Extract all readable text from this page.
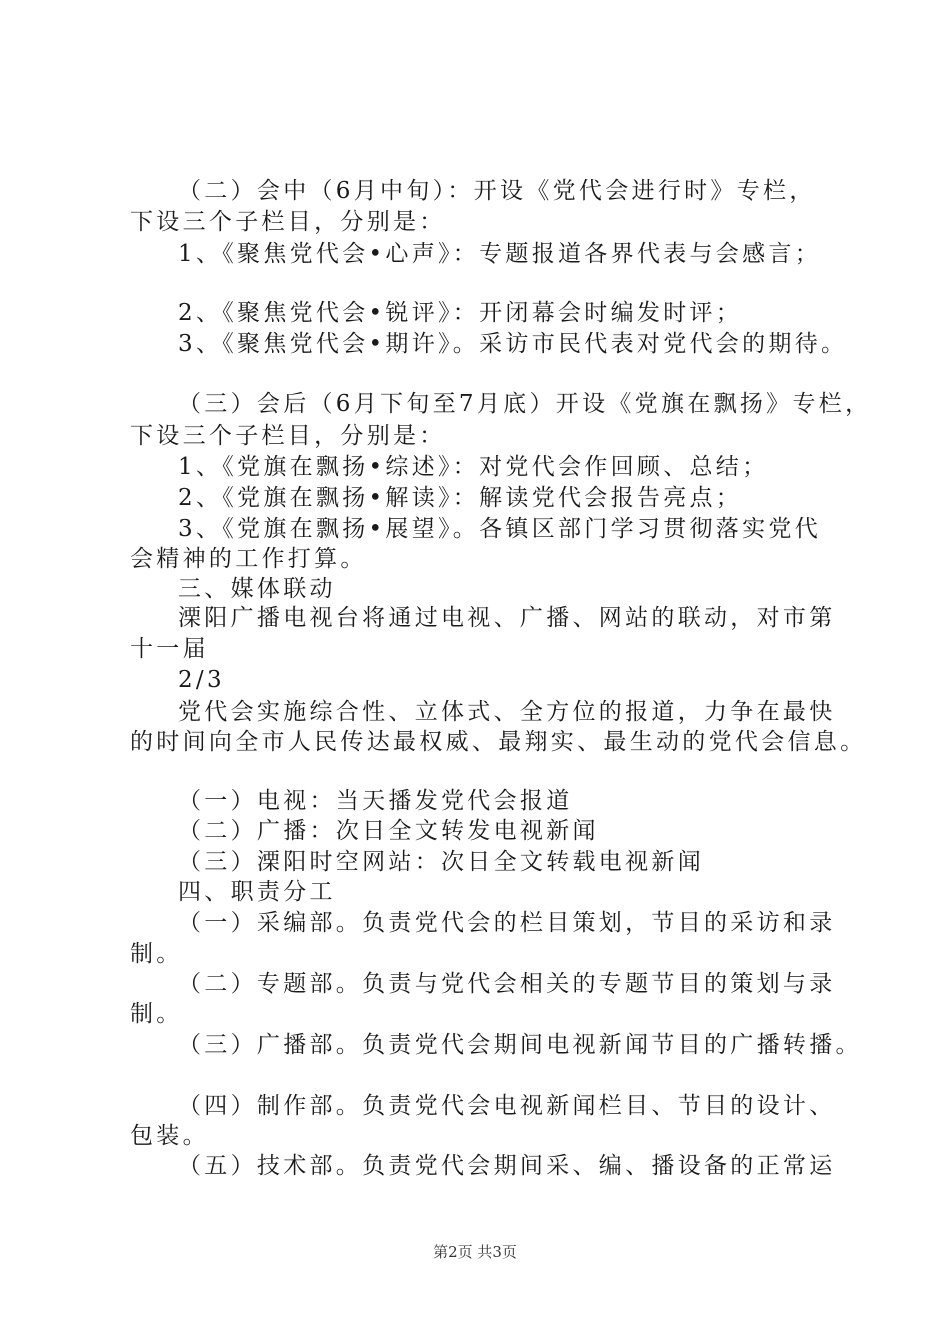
（二）会中（6月中旬）：开设《党代会进行时》专栏，
下设三个子栏目，分别是：
1、《聚焦党代会•心声》：专题报道各界代表与会感言；
2、《聚焦党代会•锐评》：开闭幕会时编发时评；
3、《聚焦党代会•期许》。采访市民代表对党代会的期待。
（三）会后（6月下旬至7月底）开设《党旗在飘扬》专栏，
下设三个子栏目，分别是：
1、《党旗在飘扬•综述》：对党代会作回顾、总结；
2、《党旗在飘扬•解读》：解读党代会报告亮点；
3、《党旗在飘扬•展望》。各镇区部门学习贯彻落实党代
会精神的工作打算。
三、媒体联动
溧阳广播电视台将通过电视、广播、网站的联动，对市第
十一届
2/3
党代会实施综合性、立体式、全方位的报道，力争在最快
的时间向全市人民传达最权威、最翔实、最生动的党代会信息。
（一）电视：当天播发党代会报道
（二）广播：次日全文转发电视新闻
（三）溧阳时空网站：次日全文转载电视新闻
四、职责分工
（一）采编部。负责党代会的栏目策划，节目的采访和录
制。
（二）专题部。负责与党代会相关的专题节目的策划与录
制。
（三）广播部。负责党代会期间电视新闻节目的广播转播。
（四）制作部。负责党代会电视新闻栏目、节目的设计、
包装。
（五）技术部。负责党代会期间采、编、播设备的正常运
第2页 共3页
